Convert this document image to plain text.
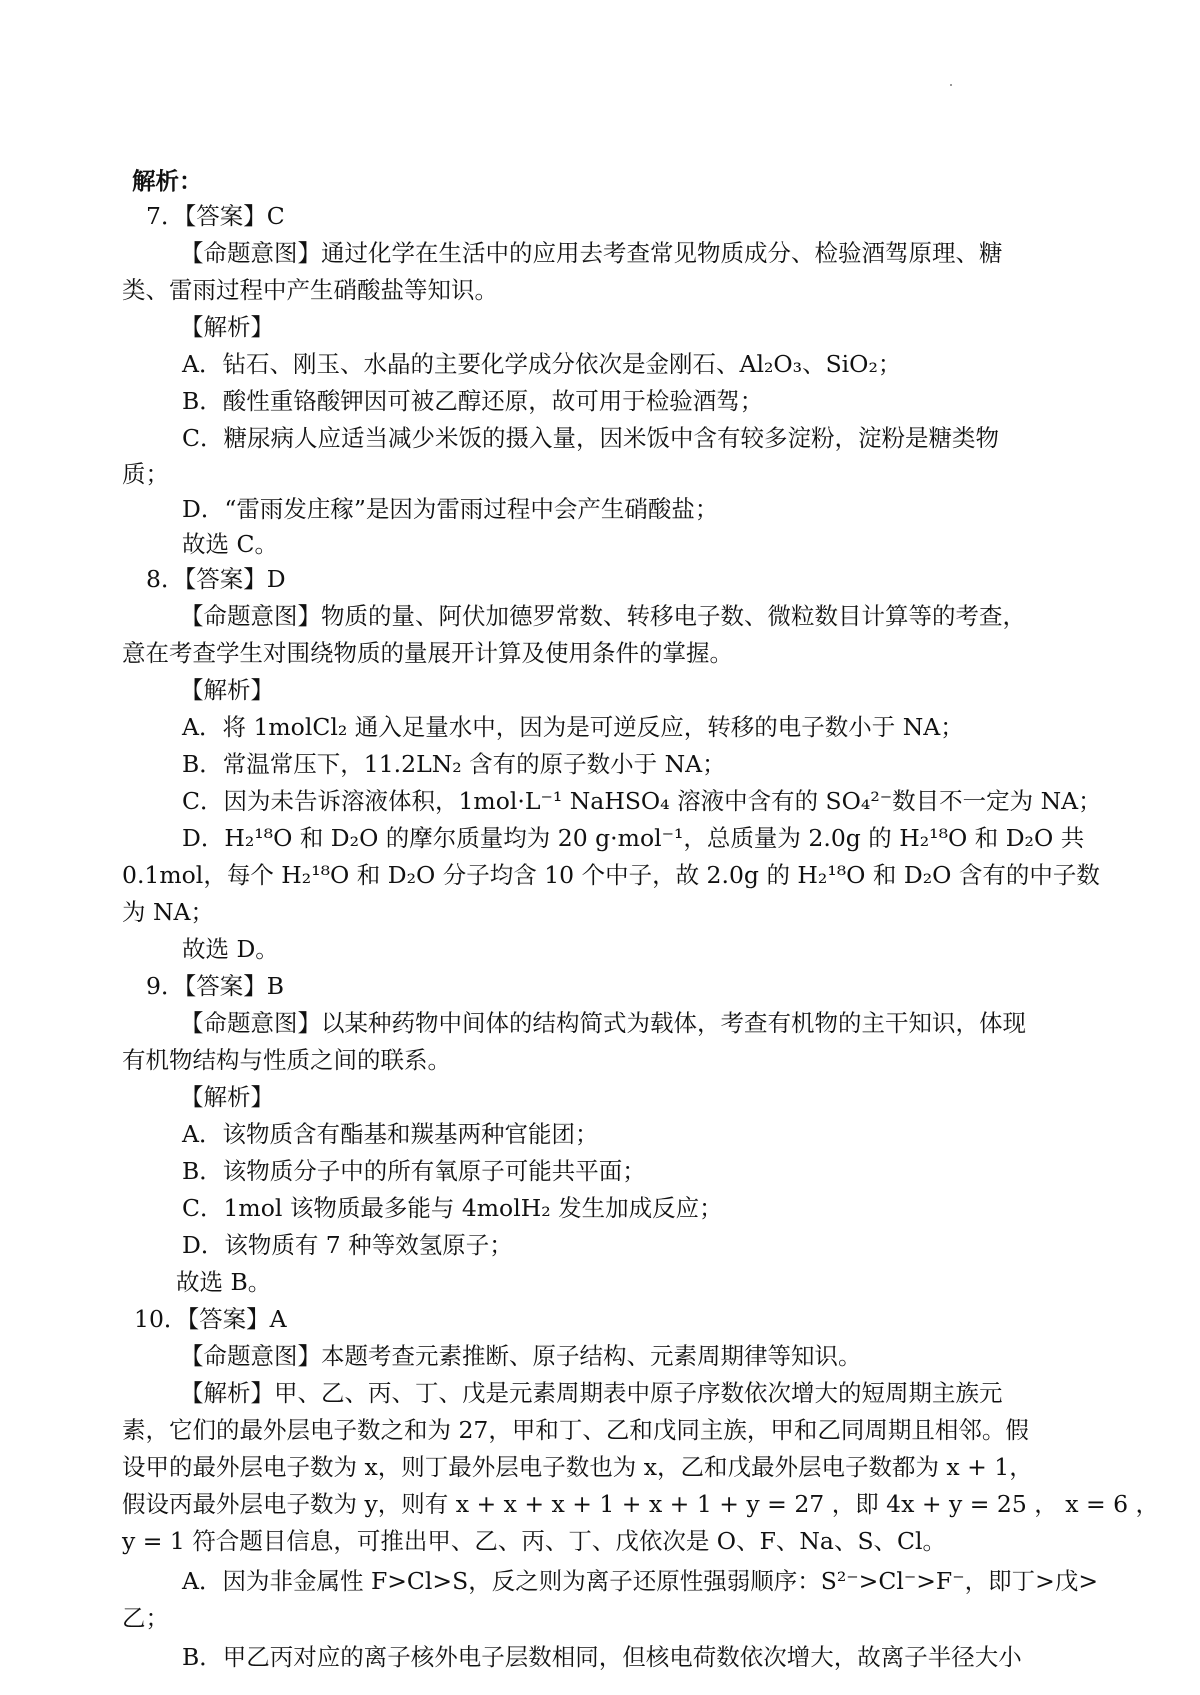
解析：
7．【答案】C
【命题意图】通过化学在生活中的应用去考查常见物质成分、检验酒驾原理、糖
类、雷雨过程中产生硝酸盐等知识。
【解析】
A．钻石、刚玉、水晶的主要化学成分依次是金刚石、Al₂O₃、SiO₂；
B．酸性重铬酸钾因可被乙醇还原，故可用于检验酒驾；
C．糖尿病人应适当减少米饭的摄入量，因米饭中含有较多淀粉，淀粉是糖类物
质；
D．“雷雨发庄稼”是因为雷雨过程中会产生硝酸盐；
故选 C。
8．【答案】D
【命题意图】物质的量、阿伏加德罗常数、转移电子数、微粒数目计算等的考查，
意在考查学生对围绕物质的量展开计算及使用条件的掌握。
【解析】
A．将 1molCl₂ 通入足量水中，因为是可逆反应，转移的电子数小于 NA；
B．常温常压下，11.2LN₂ 含有的原子数小于 NA；
C．因为未告诉溶液体积，1mol·L⁻¹ NaHSO₄ 溶液中含有的 SO₄²⁻数目不一定为 NA；
D．H₂¹⁸O 和 D₂O 的摩尔质量均为 20 g·mol⁻¹，总质量为 2.0g 的 H₂¹⁸O 和 D₂O 共
0.1mol，每个 H₂¹⁸O 和 D₂O 分子均含 10 个中子，故 2.0g 的 H₂¹⁸O 和 D₂O 含有的中子数
为 NA；
故选 D。
9．【答案】B
【命题意图】以某种药物中间体的结构简式为载体，考查有机物的主干知识，体现
有机物结构与性质之间的联系。
【解析】
A．该物质含有酯基和羰基两种官能团；
B．该物质分子中的所有氧原子可能共平面；
C．1mol 该物质最多能与 4molH₂ 发生加成反应；
D．该物质有 7 种等效氢原子；
故选 B。
10．【答案】A
【命题意图】本题考查元素推断、原子结构、元素周期律等知识。
【解析】甲、乙、丙、丁、戊是元素周期表中原子序数依次增大的短周期主族元
素，它们的最外层电子数之和为 27，甲和丁、乙和戊同主族，甲和乙同周期且相邻。假
设甲的最外层电子数为 x，则丁最外层电子数也为 x，乙和戊最外层电子数都为 x + 1，
假设丙最外层电子数为 y，则有 x + x + x + 1 + x + 1 + y = 27 ，即 4x + y = 25 ， x = 6 ，
y = 1 符合题目信息，可推出甲、乙、丙、丁、戊依次是 O、F、Na、S、Cl。
A．因为非金属性 F>Cl>S，反之则为离子还原性强弱顺序：S²⁻>Cl⁻>F⁻，即丁>戊>
乙；
B．甲乙丙对应的离子核外电子层数相同，但核电荷数依次增大，故离子半径大小
